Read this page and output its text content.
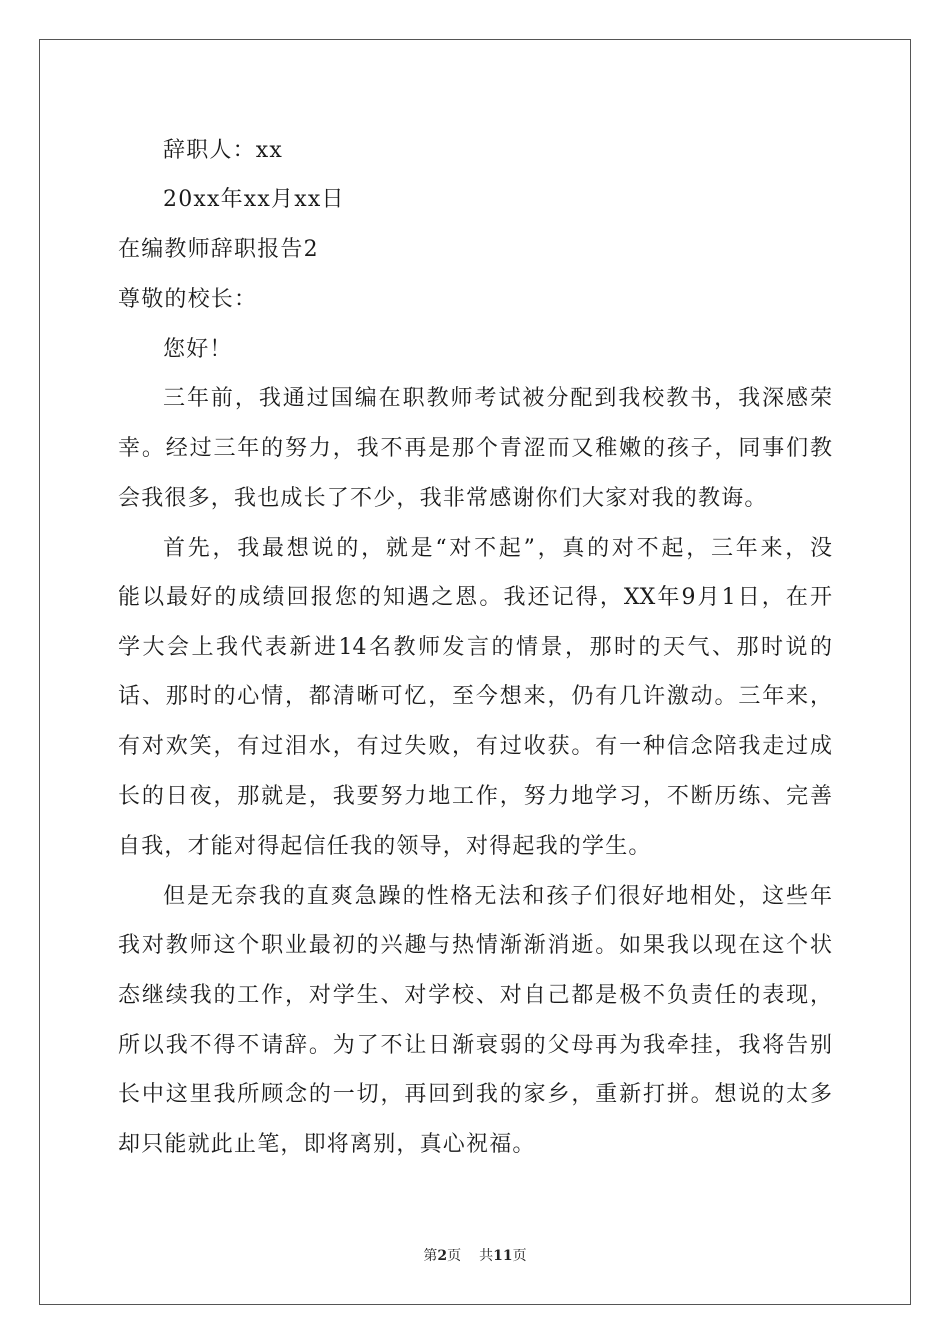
辞职人：xx
20xx年xx月xx日
在编教师辞职报告2
尊敬的校长：
您好！
三年前，我通过国编在职教师考试被分配到我校教书，我深感荣
幸。经过三年的努力，我不再是那个青涩而又稚嫩的孩子，同事们教
会我很多，我也成长了不少，我非常感谢你们大家对我的教诲。
首先，我最想说的，就是“对不起”，真的对不起，三年来，没
能以最好的成绩回报您的知遇之恩。我还记得，XX年9月1日，在开
学大会上我代表新进14名教师发言的情景，那时的天气、那时说的
话、那时的心情，都清晰可忆，至今想来，仍有几许激动。三年来，
有对欢笑，有过泪水，有过失败，有过收获。有一种信念陪我走过成
长的日夜，那就是，我要努力地工作，努力地学习，不断历练、完善
自我，才能对得起信任我的领导，对得起我的学生。
但是无奈我的直爽急躁的性格无法和孩子们很好地相处，这些年
我对教师这个职业最初的兴趣与热情渐渐消逝。如果我以现在这个状
态继续我的工作，对学生、对学校、对自己都是极不负责任的表现，
所以我不得不请辞。为了不让日渐衰弱的父母再为我牵挂，我将告别
长中这里我所顾念的一切，再回到我的家乡，重新打拼。想说的太多
却只能就此止笔，即将离别，真心祝福。
第2页 共11页
